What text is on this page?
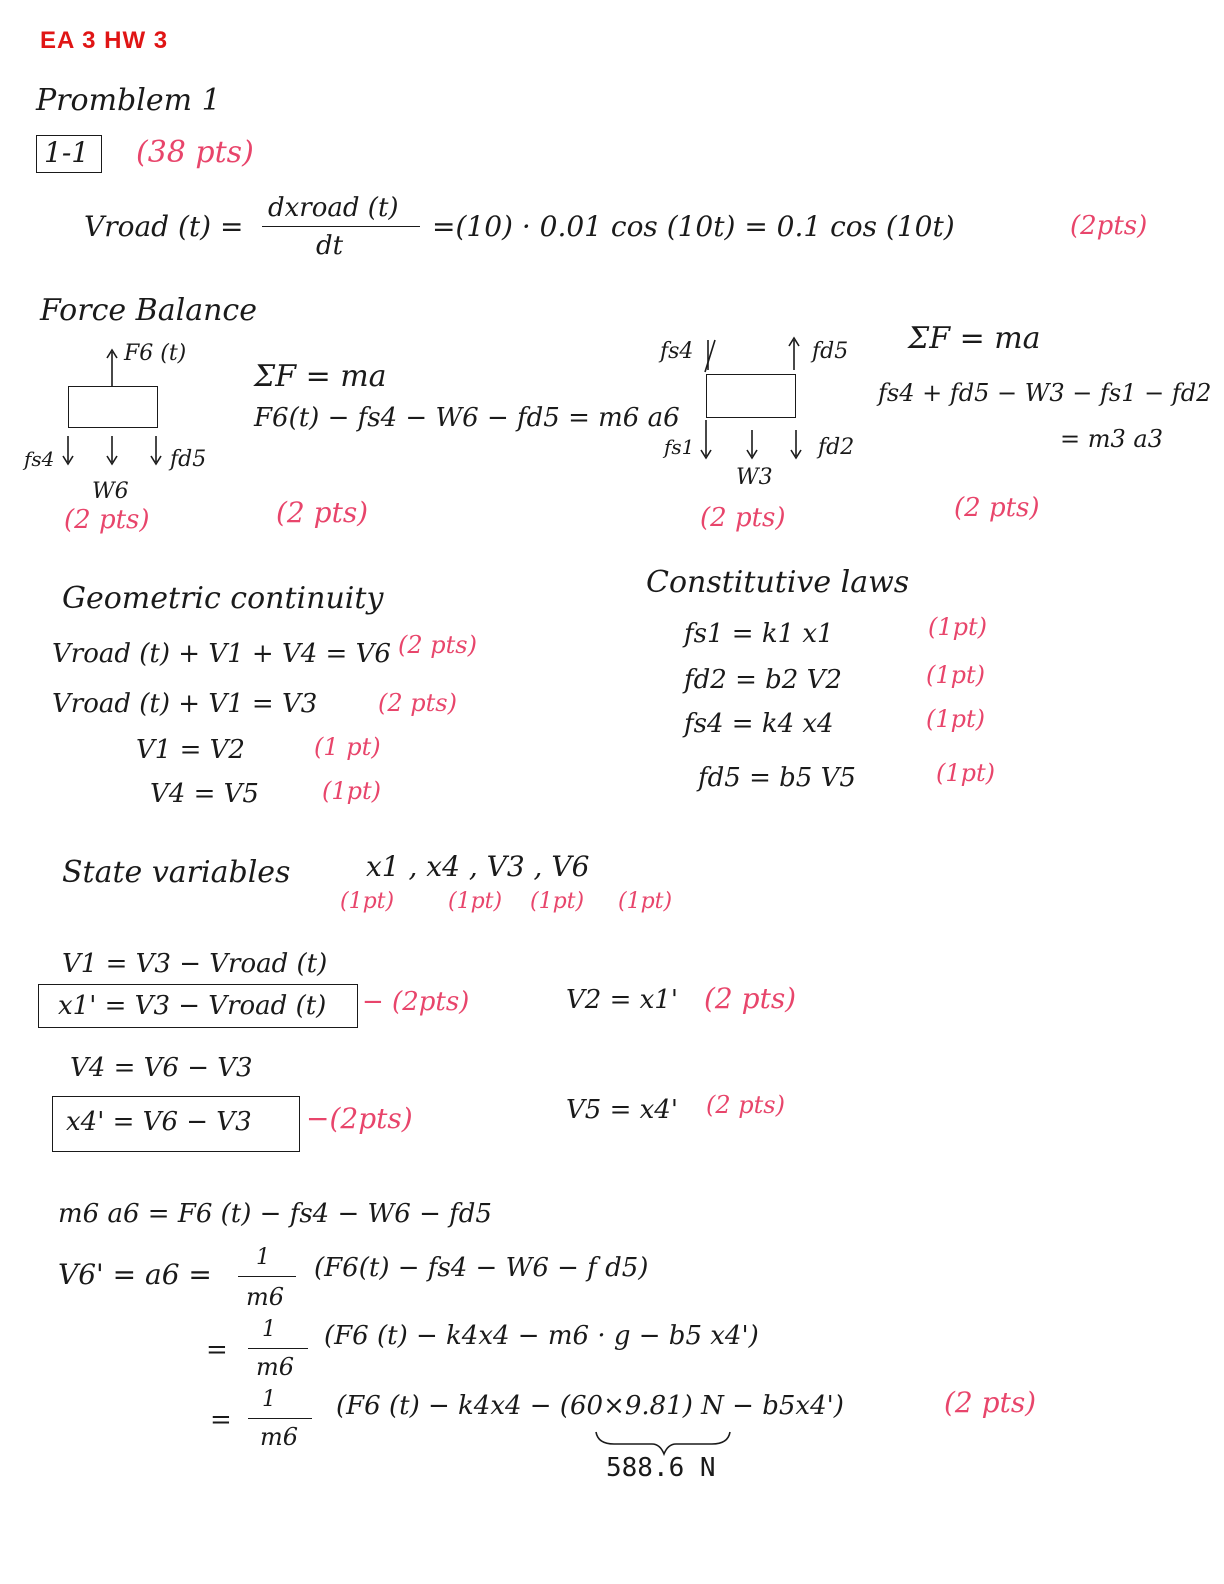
EA 3 HW 3
Promblem 1
1-1 (38 pts)
Vroad (t) =
dxroad (t)
dt
=(10) · 0.01 cos (10t) = 0.1 cos (10t)	(2pts)
Force Balance
F6 (t)
fs4
W6
fd5
(2 pts)
ΣF = ma
F6(t) − fs4 − W6 − fd5 = m6 a6
(2 pts)
fs4	fd5
fs1
W3
fd2
(2 pts)
ΣF = ma
fs4 + fd5 − W3 − fs1 − fd2
= m3 a3
(2 pts)
Geometric continuity
Vroad (t) + V1 + V4 = V6 (2 pts)
Vroad (t) + V1 = V3	(2 pts)
V1 = V2	(1 pt)
V4 = V5	(1pt)
Constitutive laws
fs1 = k1 x1	(1pt)
fd2 = b2 V2	(1pt)
fs4 = k4 x4	(1pt)
fd5 = b5 V5	(1pt)
State variables	x1 , x4 , V3 , V6
(1pt) (1pt) (1pt) (1pt)
V1 = V3 − Vroad (t)
x1' = V3 − Vroad (t) − (2pts)	V2 = x1' (2 pts)
V4 = V6 − V3
x4' = V6 − V3 −(2pts)	V5 = x4' (2 pts)
m6 a6 = F6 (t) − fs4 − W6 − fd5
V6' = a6 =
1
m6
(F6(t) − fs4 − W6 − f d5)
=
1
m6
(F6 (t) − k4x4 − m6 · g − b5 x4')
=
1
m6
(F6 (t) − k4x4 − (60×9.81) N − b5x4')	(2 pts)
588.6 N
